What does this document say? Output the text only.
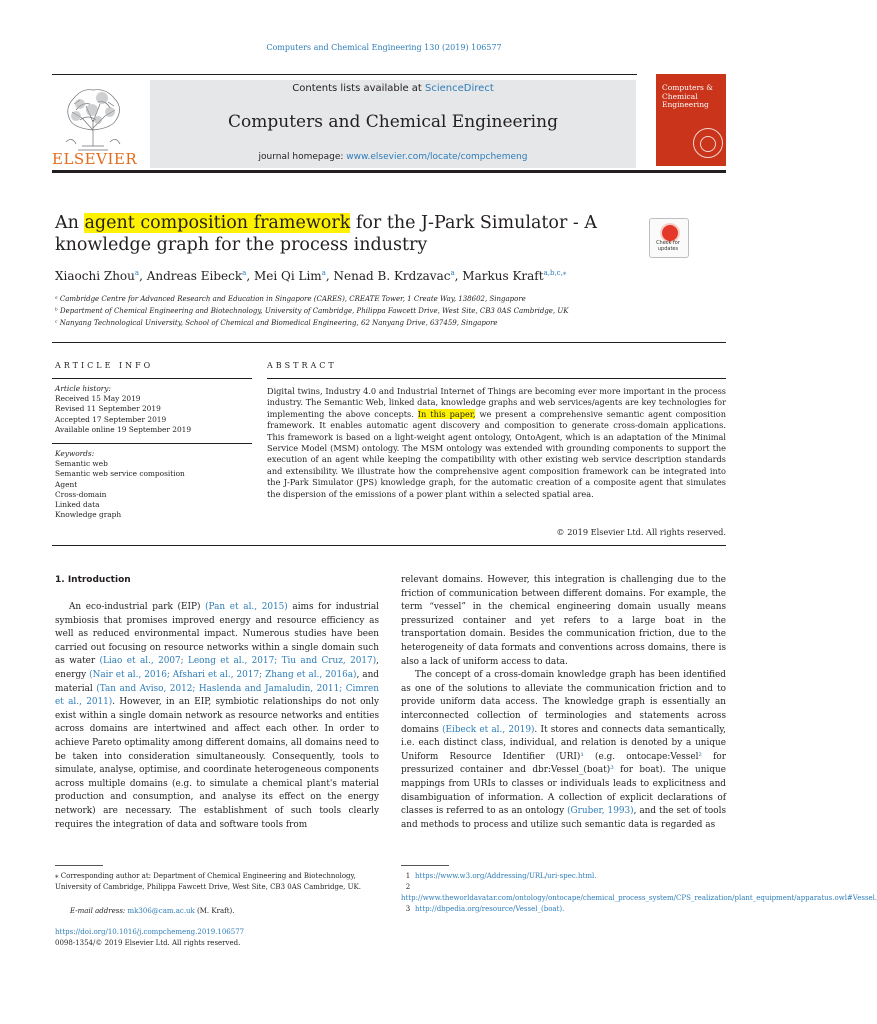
Computers and Chemical Engineering 130 (2019) 106577
ELSEVIER
Contents lists available at ScienceDirect
Computers and Chemical Engineering
journal homepage: www.elsevier.com/locate/compchemeng
Computers & Chemical Engineering
An agent composition framework for the J-Park Simulator - A knowledge graph for the process industry	Check for updates
Xiaochi Zhou$^a$, Andreas Eibeck$^a$, Mei Qi Lim$^a$, Nenad B. Krdzavac$^a$, Markus Kraft$^{a,b,c,⁎}$
ᵃ Cambridge Centre for Advanced Research and Education in Singapore (CARES), CREATE Tower, 1 Create Way, 138602, Singapore
ᵇ Department of Chemical Engineering and Biotechnology, University of Cambridge, Philippa Fawcett Drive, West Site, CB3 0AS Cambridge, UK
ᶜ Nanyang Technological University, School of Chemical and Biomedical Engineering, 62 Nanyang Drive, 637459, Singapore
ARTICLE INFO
Article history:
Received 15 May 2019
Revised 11 September 2019
Accepted 17 September 2019
Available online 19 September 2019
Keywords:
Semantic web
Semantic web service composition
Agent
Cross-domain
Linked data
Knowledge graph
ABSTRACT
Digital twins, Industry 4.0 and Industrial Internet of Things are becoming ever more important in the process industry. The Semantic Web, linked data, knowledge graphs and web services/agents are key technologies for implementing the above concepts. In this paper, we present a comprehensive semantic agent composition framework. It enables automatic agent discovery and composition to generate cross-domain applications. This framework is based on a light-weight agent ontology, OntoAgent, which is an adaptation of the Minimal Service Model (MSM) ontology. The MSM ontology was extended with grounding components to support the execution of an agent while keeping the compatibility with other existing web service description standards and extensibility. We illustrate how the comprehensive agent composition framework can be integrated into the J-Park Simulator (JPS) knowledge graph, for the automatic creation of a composite agent that simulates the dispersion of the emissions of a power plant within a selected spatial area.
© 2019 Elsevier Ltd. All rights reserved.
1. Introduction

An eco-industrial park (EIP) (Pan et al., 2015) aims for industrial symbiosis that promises improved energy and resource efficiency as well as reduced environmental impact. Numerous studies have been carried out focusing on resource networks within a single domain such as water (Liao et al., 2007; Leong et al., 2017; Tiu and Cruz, 2017), energy (Nair et al., 2016; Afshari et al., 2017; Zhang et al., 2016a), and material (Tan and Aviso, 2012; Haslenda and Jamaludin, 2011; Cimren et al., 2011). However, in an EIP, symbiotic relationships do not only exist within a single domain network as resource networks and entities across domains are intertwined and affect each other. In order to achieve Pareto optimality among different domains, all domains need to be taken into consideration simultaneously. Consequently, tools to simulate, analyse, optimise, and coordinate heterogeneous components across multiple domains (e.g. to simulate a chemical plant's material production and consumption, and analyse its effect on the energy network) are necessary. The establishment of such tools clearly requires the integration of data and software tools from

relevant domains. However, this integration is challenging due to the friction of communication between different domains. For example, the term “vessel” in the chemical engineering domain usually means pressurized container and yet refers to a large boat in the transportation domain. Besides the communication friction, due to the heterogeneity of data formats and conventions across domains, there is also a lack of uniform access to data.

The concept of a cross-domain knowledge graph has been identified as one of the solutions to alleviate the communication friction and to provide uniform data access. The knowledge graph is essentially an interconnected collection of terminologies and statements across domains (Eibeck et al., 2019). It stores and connects data semantically, i.e. each distinct class, individual, and relation is denoted by a unique Uniform Resource Identifier (URI)¹ (e.g. ontocape:Vessel² for pressurized container and dbr:Vessel_(boat)³ for boat). The unique mappings from URIs to classes or individuals leads to explicitness and disambiguation of information. A collection of explicit declarations of classes is referred to as an ontology (Gruber, 1993), and the set of tools and methods to process and utilize such semantic data is regarded as

⁎ Corresponding author at: Department of Chemical Engineering and Biotechnology, University of Cambridge, Philippa Fawcett Drive, West Site, CB3 0AS Cambridge, UK.
E-mail address: mk306@cam.ac.uk (M. Kraft).
https://doi.org/10.1016/j.compchemeng.2019.106577
0098-1354/© 2019 Elsevier Ltd. All rights reserved.
1 https://www.w3.org/Addressing/URL/uri-spec.html.
2http://www.theworldavatar.com/ontology/ontocape/chemical_process_system/CPS_realization/plant_equipment/apparatus.owl#Vessel.
3 http://dbpedia.org/resource/Vessel_(boat).
